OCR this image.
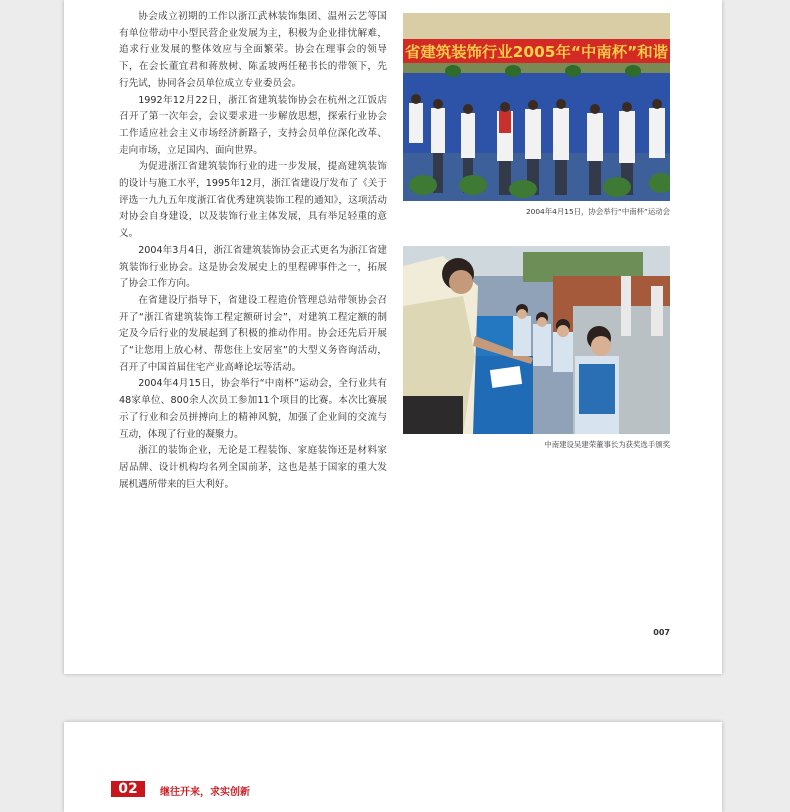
协会成立初期的工作以浙江武林装饰集团、温州云艺等国有单位带动中小型民营企业发展为主，积极为企业排忧解难，追求行业发展的整体效应与全面繁荣。协会在理事会的领导下，在会长董宜君和蒋敖树、陈孟坡两任秘书长的带领下，先行先试，协同各会员单位成立专业委员会。

1992年12月22日，浙江省建筑装饰协会在杭州之江饭店召开了第一次年会，会议要求进一步解放思想，探索行业协会工作适应社会主义市场经济新路子，支持会员单位深化改革、走向市场，立足国内、面向世界。

为促进浙江省建筑装饰行业的进一步发展，提高建筑装饰的设计与施工水平，1995年12月，浙江省建设厅发布了《关于评选一九九五年度浙江省优秀建筑装饰工程的通知》，这项活动对协会自身建设，以及装饰行业主体发展，具有举足轻重的意义。

2004年3月4日，浙江省建筑装饰协会正式更名为浙江省建筑装饰行业协会。这是协会发展史上的里程碑事件之一，拓展了协会工作方向。

在省建设厅指导下，省建设工程造价管理总站带领协会召开了“浙江省建筑装饰工程定额研讨会”，对建筑工程定额的制定及今后行业的发展起到了积极的推动作用。协会还先后开展了“让您用上放心材、帮您住上安居室”的大型义务咨询活动，召开了中国首届住宅产业高峰论坛等活动。

2004年4月15日，协会举行“中南杯”运动会，全行业共有48家单位、800余人次员工参加11个项目的比赛。本次比赛展示了行业和会员拼搏向上的精神风貌，加强了企业间的交流与互动，体现了行业的凝聚力。

浙江的装饰企业，无论是工程装饰、家庭装饰还是材料家居品牌、设计机构均名列全国前茅，这也是基于国家的重大发展机遇所带来的巨大利好。

省建筑装饰行业2005年“中南杯”和谐
2004年4月15日，协会举行“中南杯”运动会
中南建设吴建荣董事长为获奖选手颁奖
007
02	继往开来，求实创新
